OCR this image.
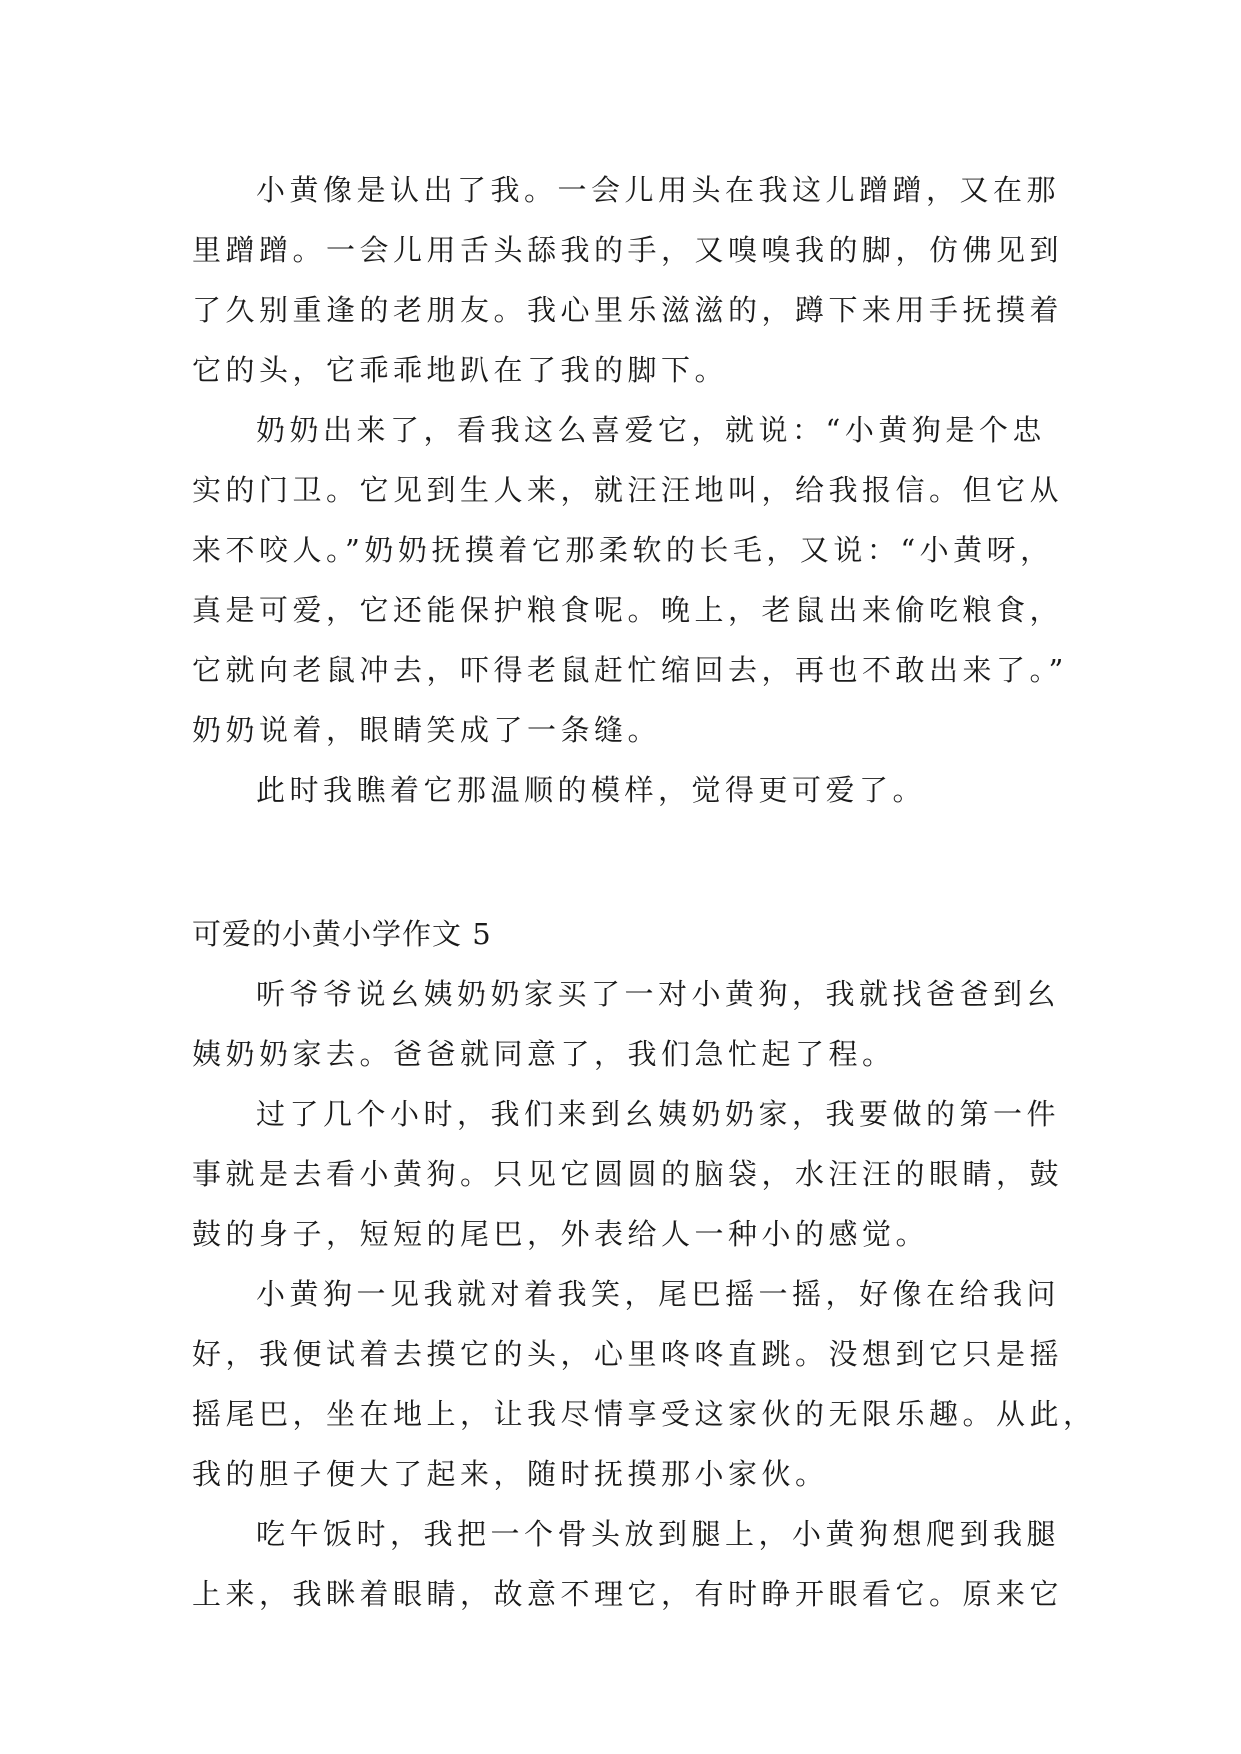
小黄像是认出了我。一会儿用头在我这儿蹭蹭，又在那
里蹭蹭。一会儿用舌头舔我的手，又嗅嗅我的脚，仿佛见到
了久别重逢的老朋友。我心里乐滋滋的，蹲下来用手抚摸着
它的头，它乖乖地趴在了我的脚下。
奶奶出来了，看我这么喜爱它，就说：“小黄狗是个忠
实的门卫。它见到生人来，就汪汪地叫，给我报信。但它从
来不咬人。”奶奶抚摸着它那柔软的长毛，又说：“小黄呀，
真是可爱，它还能保护粮食呢。晚上，老鼠出来偷吃粮食，
它就向老鼠冲去，吓得老鼠赶忙缩回去，再也不敢出来了。”
奶奶说着，眼睛笑成了一条缝。
此时我瞧着它那温顺的模样，觉得更可爱了。
可爱的小黄小学作文 5
听爷爷说幺姨奶奶家买了一对小黄狗，我就找爸爸到幺
姨奶奶家去。爸爸就同意了，我们急忙起了程。
过了几个小时，我们来到幺姨奶奶家，我要做的第一件
事就是去看小黄狗。只见它圆圆的脑袋，水汪汪的眼睛，鼓
鼓的身子，短短的尾巴，外表给人一种小的感觉。
小黄狗一见我就对着我笑，尾巴摇一摇，好像在给我问
好，我便试着去摸它的头，心里咚咚直跳。没想到它只是摇
摇尾巴，坐在地上，让我尽情享受这家伙的无限乐趣。从此，
我的胆子便大了起来，随时抚摸那小家伙。
吃午饭时，我把一个骨头放到腿上，小黄狗想爬到我腿
上来，我眯着眼睛，故意不理它，有时睁开眼看它。原来它
